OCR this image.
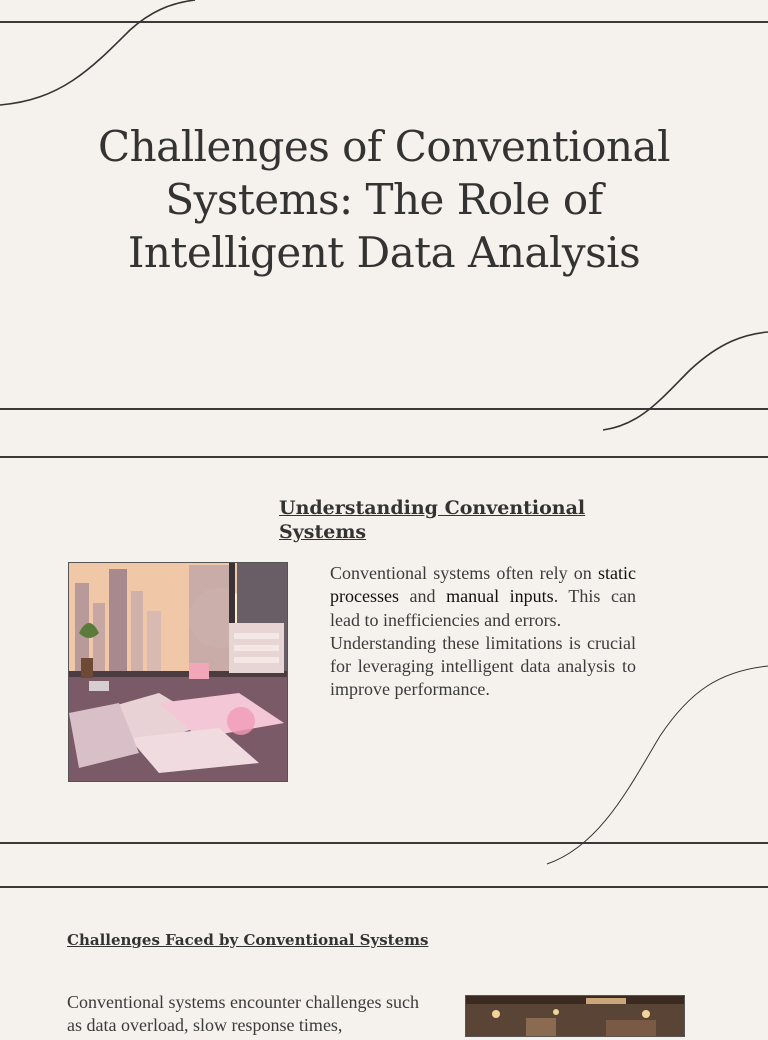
Challenges of Conventional Systems: The Role of Intelligent Data Analysis
Understanding Conventional Systems

Conventional systems often rely on static processes and manual inputs. This can lead to inefficiencies and errors.
Understanding these limitations is crucial for leveraging intelligent data analysis to improve performance.

Challenges Faced by Conventional Systems

Conventional systems encounter challenges such as data overload, slow response times,
